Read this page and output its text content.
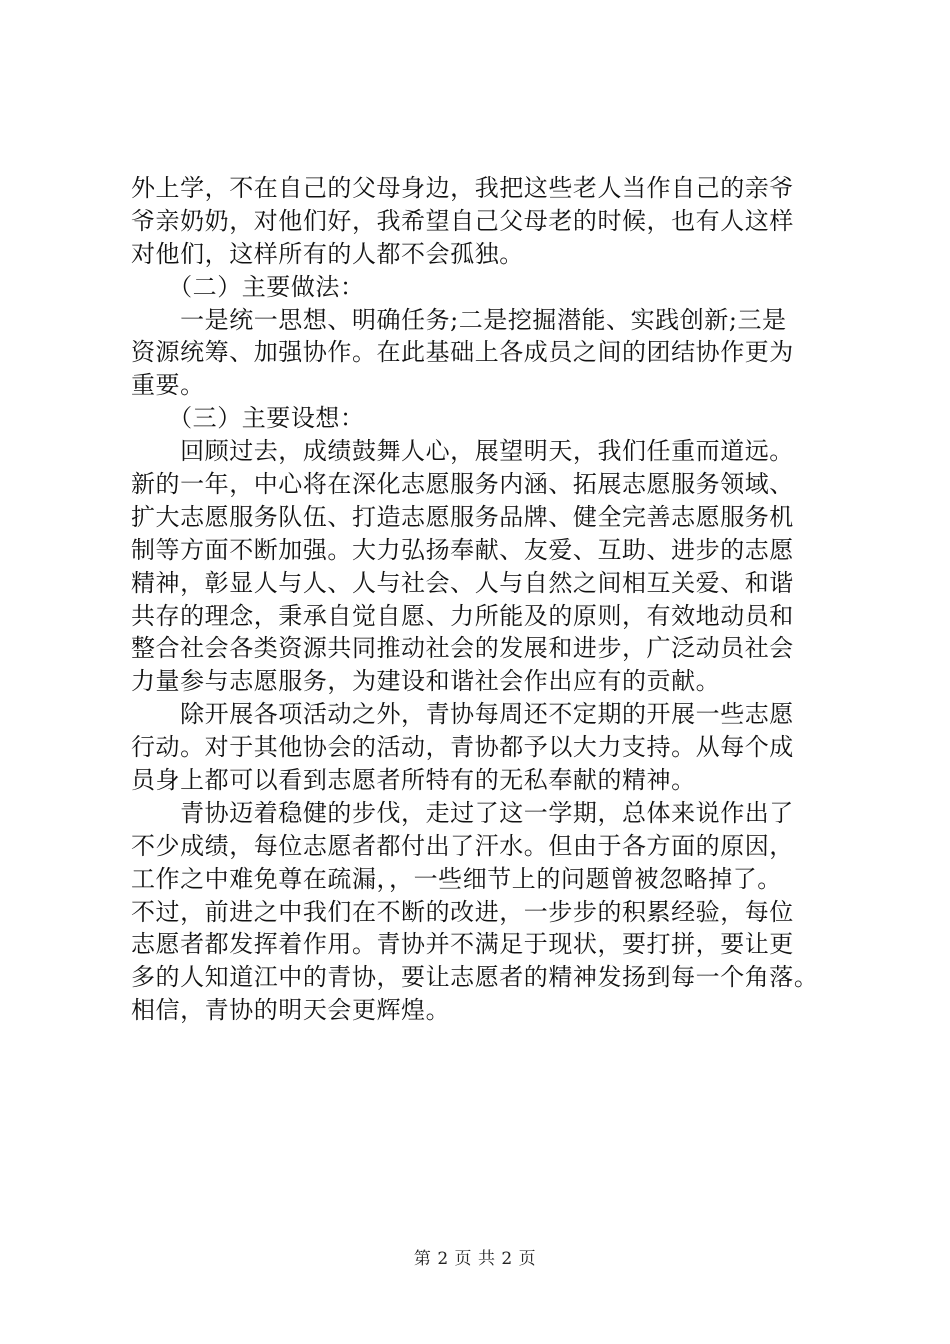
外上学，不在自己的父母身边，我把这些老人当作自己的亲爷
爷亲奶奶，对他们好，我希望自己父母老的时候，也有人这样
对他们，这样所有的人都不会孤独。
　　（二）主要做法：
　　一是统一思想、明确任务;二是挖掘潜能、实践创新;三是
资源统筹、加强协作。在此基础上各成员之间的团结协作更为
重要。
　　（三）主要设想：
　　回顾过去，成绩鼓舞人心，展望明天，我们任重而道远。
新的一年，中心将在深化志愿服务内涵、拓展志愿服务领域、
扩大志愿服务队伍、打造志愿服务品牌、健全完善志愿服务机
制等方面不断加强。大力弘扬奉献、友爱、互助、进步的志愿
精神，彰显人与人、人与社会、人与自然之间相互关爱、和谐
共存的理念，秉承自觉自愿、力所能及的原则，有效地动员和
整合社会各类资源共同推动社会的发展和进步，广泛动员社会
力量参与志愿服务，为建设和谐社会作出应有的贡献。
　　除开展各项活动之外，青协每周还不定期的开展一些志愿
行动。对于其他协会的活动，青协都予以大力支持。从每个成
员身上都可以看到志愿者所特有的无私奉献的精神。
　　青协迈着稳健的步伐，走过了这一学期，总体来说作出了
不少成绩，每位志愿者都付出了汗水。但由于各方面的原因，
工作之中难免尊在疏漏，，一些细节上的问题曾被忽略掉了。
不过，前进之中我们在不断的改进，一步步的积累经验，每位
志愿者都发挥着作用。青协并不满足于现状，要打拼，要让更
多的人知道江中的青协，要让志愿者的精神发扬到每一个角落。
相信，青协的明天会更辉煌。
第 2 页 共 2 页
